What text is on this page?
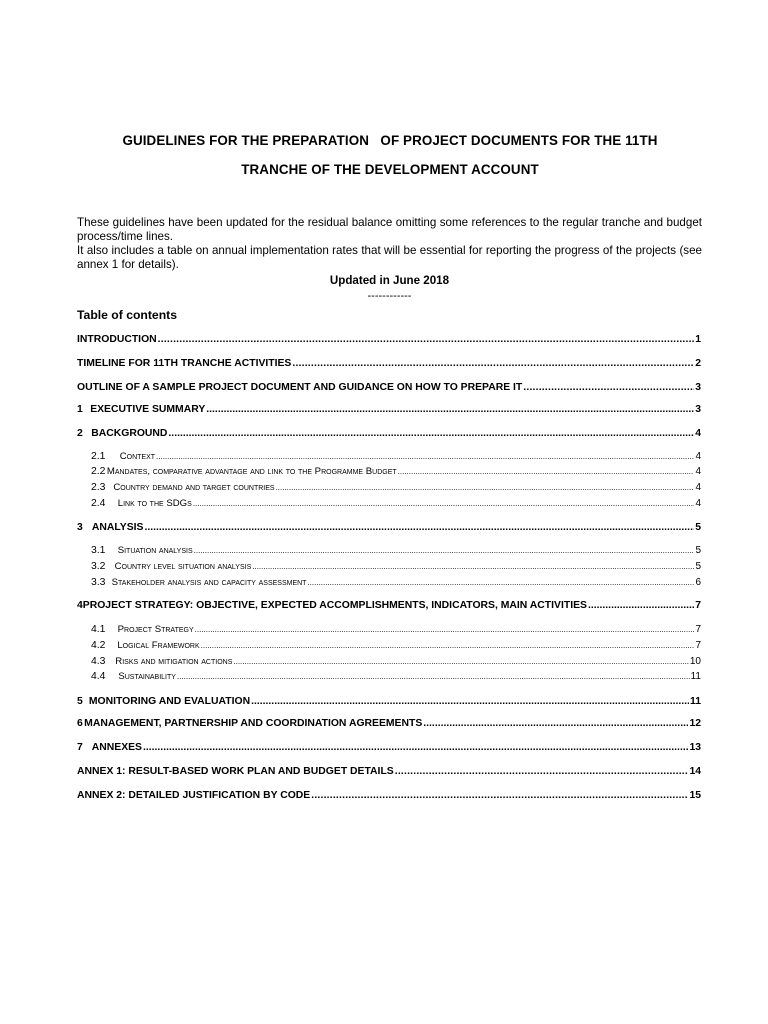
GUIDELINES FOR THE PREPARATION   OF PROJECT DOCUMENTS FOR THE 11TH
TRANCHE OF THE DEVELOPMENT ACCOUNT

These guidelines have been updated for the residual balance omitting some references to the regular tranche and budget process/time lines.

It also includes a table on annual implementation rates that will be essential for reporting the progress of the projects (see annex 1 for details).

Updated in June 2018
------------
Table of contents
INTRODUCTION .....	1
TIMELINE FOR 11TH TRANCHE ACTIVITIES .....	2
OUTLINE OF A SAMPLE PROJECT DOCUMENT AND GUIDANCE ON HOW TO PREPARE IT .....	3
1 EXECUTIVE SUMMARY .....	3
2 BACKGROUND .....	4
2.1	Context .....	4
2.2 Mandates, comparative advantage and link to the Programme Budget .....	4
2.3 Country demand and target countries .....	4
2.4	Link to the SDGs .....	4
3 ANALYSIS .....	5
3.1	Situation analysis .....	5
3.2 Country level situation analysis .....	5
3.3 Stakeholder analysis and capacity assessment .....	6
4 PROJECT STRATEGY: OBJECTIVE, EXPECTED ACCOMPLISHMENTS, INDICATORS, MAIN ACTIVITIES .....	7
4.1	Project Strategy .....	7
4.2	Logical Framework .....	7
4.3	Risks and mitigation actions .....	10
4.4	Sustainability .....	11
5 MONITORING AND EVALUATION .....	11
6 MANAGEMENT, PARTNERSHIP AND COORDINATION AGREEMENTS .....	12
7 ANNEXES .....	13
ANNEX 1: RESULT-BASED WORK PLAN AND BUDGET DETAILS .....	14
ANNEX 2: DETAILED JUSTIFICATION BY CODE .....	15
